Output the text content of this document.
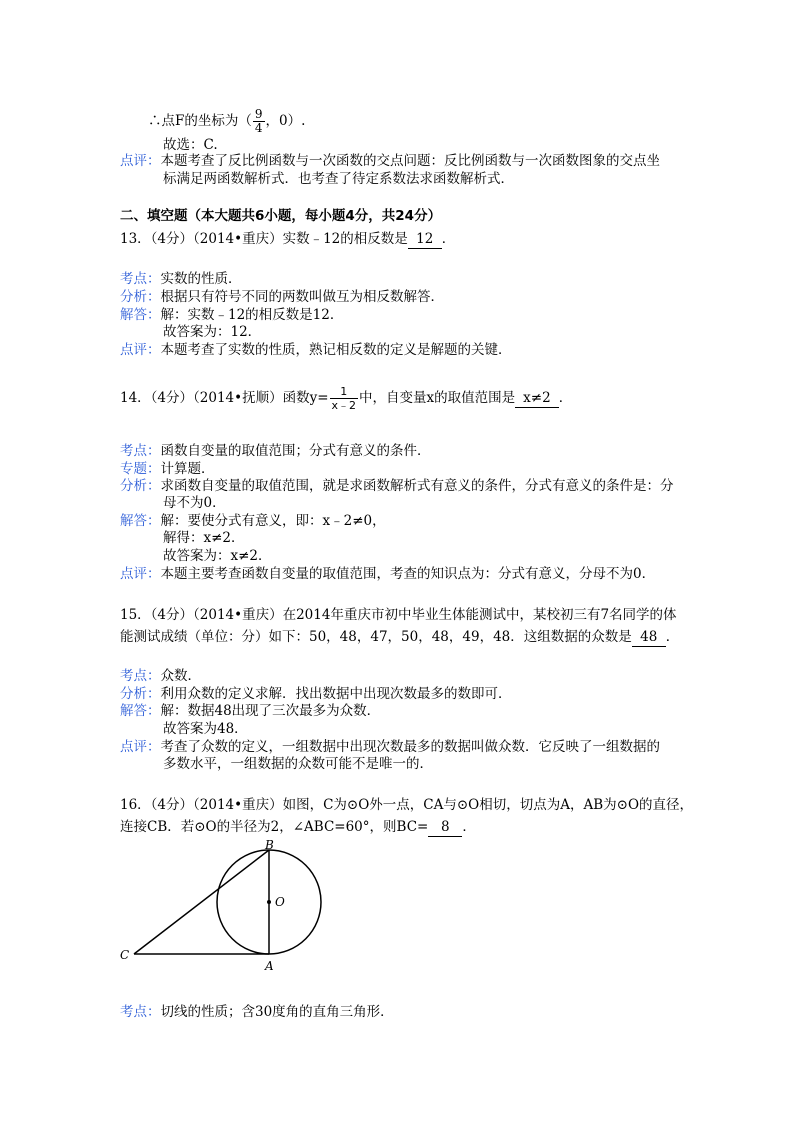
∴点F的坐标为（ $\frac{9}{4}$ ，0）.
故选：C.
点评：本题考查了反比例函数与一次函数的交点问题：反比例函数与一次函数图象的交点坐
标满足两函数解析式．也考查了待定系数法求函数解析式．
二、填空题（本大题共6小题，每小题4分，共24分）
13．（4分）（2014•重庆）实数﹣12的相反数是 12 ．
考点：实数的性质．
分析：根据只有符号不同的两数叫做互为相反数解答．
解答：解：实数﹣12的相反数是12．
故答案为：12．
点评：本题考查了实数的性质，熟记相反数的定义是解题的关键．
14．（4分）（2014•抚顺）函数$y= \frac{1}{x﹣2}$ 中，自变量x的取值范围是 x≠2 ．
考点：函数自变量的取值范围；分式有意义的条件．
专题：计算题．
分析：求函数自变量的取值范围，就是求函数解析式有意义的条件，分式有意义的条件是：分
母不为0．
解答：解：要使分式有意义，即：x﹣2≠0，
解得：x≠2．
故答案为：x≠2．
点评：本题主要考查函数自变量的取值范围，考查的知识点为：分式有意义，分母不为0．
15．（4分）（2014•重庆）在2014年重庆市初中毕业生体能测试中，某校初三有7名同学的体
能测试成绩（单位：分）如下：50，48，47，50，48，49，48．这组数据的众数是 48 ．
考点：众数．
分析：利用众数的定义求解．找出数据中出现次数最多的数即可．
解答：解：数据48出现了三次最多为众数．
故答案为48．
点评：考查了众数的定义，一组数据中出现次数最多的数据叫做众数．它反映了一组数据的
多数水平，一组数据的众数可能不是唯一的．
16．（4分）（2014•重庆）如图，C为⊙O外一点，CA与⊙O相切，切点为A，AB为⊙O的直径，
连接CB．若⊙O的半径为2，∠ABC=60°，则BC= 8 ．
B
O
C
A
考点：切线的性质；含30度角的直角三角形．
